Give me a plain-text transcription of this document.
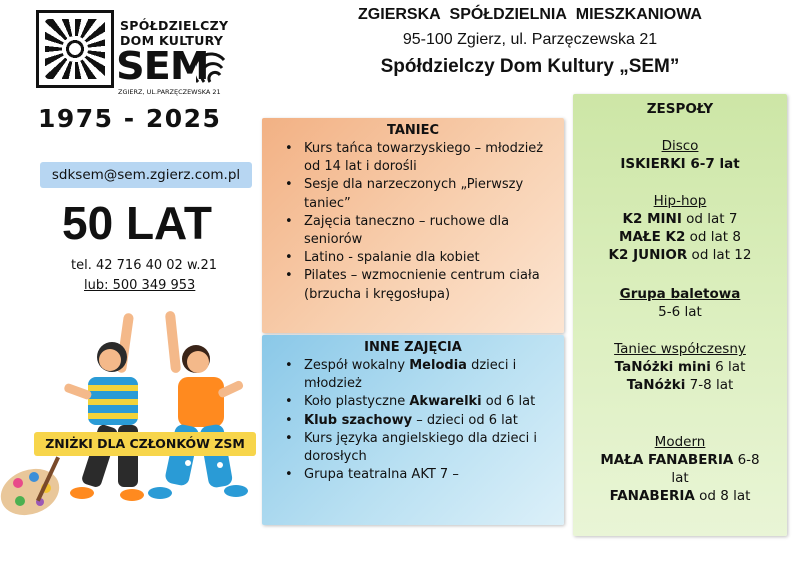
SPÓŁDZIELCZY
DOM KULTURY
SEM
ZGIERZ, UL.PARZĘCZEWSKA 21
1975 - 2025
sdksem@sem.zgierz.com.pl
50 LAT
tel. 42 716 40 02 w.21
lub: 500 349 953
ZNIŻKI DLA CZŁONKÓW ZSM
ZGIERSKA SPÓŁDZIELNIA MIESZKANIOWA
95-100 Zgierz, ul. Parzęczewska 21
Spółdzielczy Dom Kultury „SEM”
TANIEC
• Kurs tańca towarzyskiego – młodzież od 14 lat i dorośli
• Sesje dla narzeczonych „Pierwszy taniec”
• Zajęcia taneczno – ruchowe dla seniorów
• Latino - spalanie dla kobiet
• Pilates – wzmocnienie centrum ciała (brzucha i kręgosłupa)
INNE ZAJĘCIA
• Zespół wokalny Melodia dzieci i młodzież
• Koło plastyczne Akwarelki od 6 lat
• Klub szachowy – dzieci od 6 lat
• Kurs języka angielskiego dla dzieci i dorosłych
• Grupa teatralna AKT 7 –
ZESPOŁY
Disco
ISKIERKI 6-7 lat
Hip-hop
K2 MINI od lat 7
MAŁE K2 od lat 8
K2 JUNIOR od lat 12
Grupa baletowa
5-6 lat
Taniec współczesny
TaNóżki mini 6 lat
TaNóżki 7-8 lat
Modern
MAŁA FANABERIA 6-8
lat
FANABERIA od 8 lat
